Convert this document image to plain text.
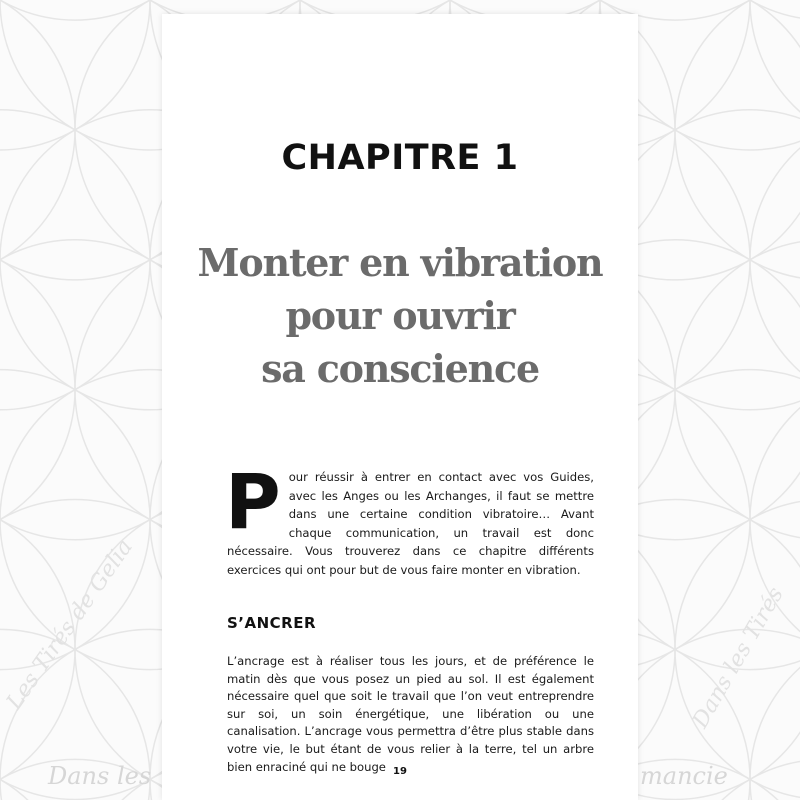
Dans les	mancie
Les Tirés de Gelia	Dans les Tirés
CHAPITRE 1
Monter en vibration
pour ouvrir
sa conscience
P our réussir à entrer en contact avec vos Guides, avec les Anges ou les Archanges, il faut se mettre dans une certaine condition vibratoire… Avant chaque communication, un travail est donc nécessaire. Vous trouverez dans ce chapitre différents exercices qui ont pour but de vous faire monter en vibration.
S’ANCRER
L’ancrage est à réaliser tous les jours, et de préférence le matin dès que vous posez un pied au sol. Il est également nécessaire quel que soit le travail que l’on veut entreprendre sur soi, un soin énergétique, une libération ou une canalisation. L’ancrage vous permettra d’être plus stable dans votre vie, le but étant de vous relier à la terre, tel un arbre bien enraciné qui ne bouge 19
